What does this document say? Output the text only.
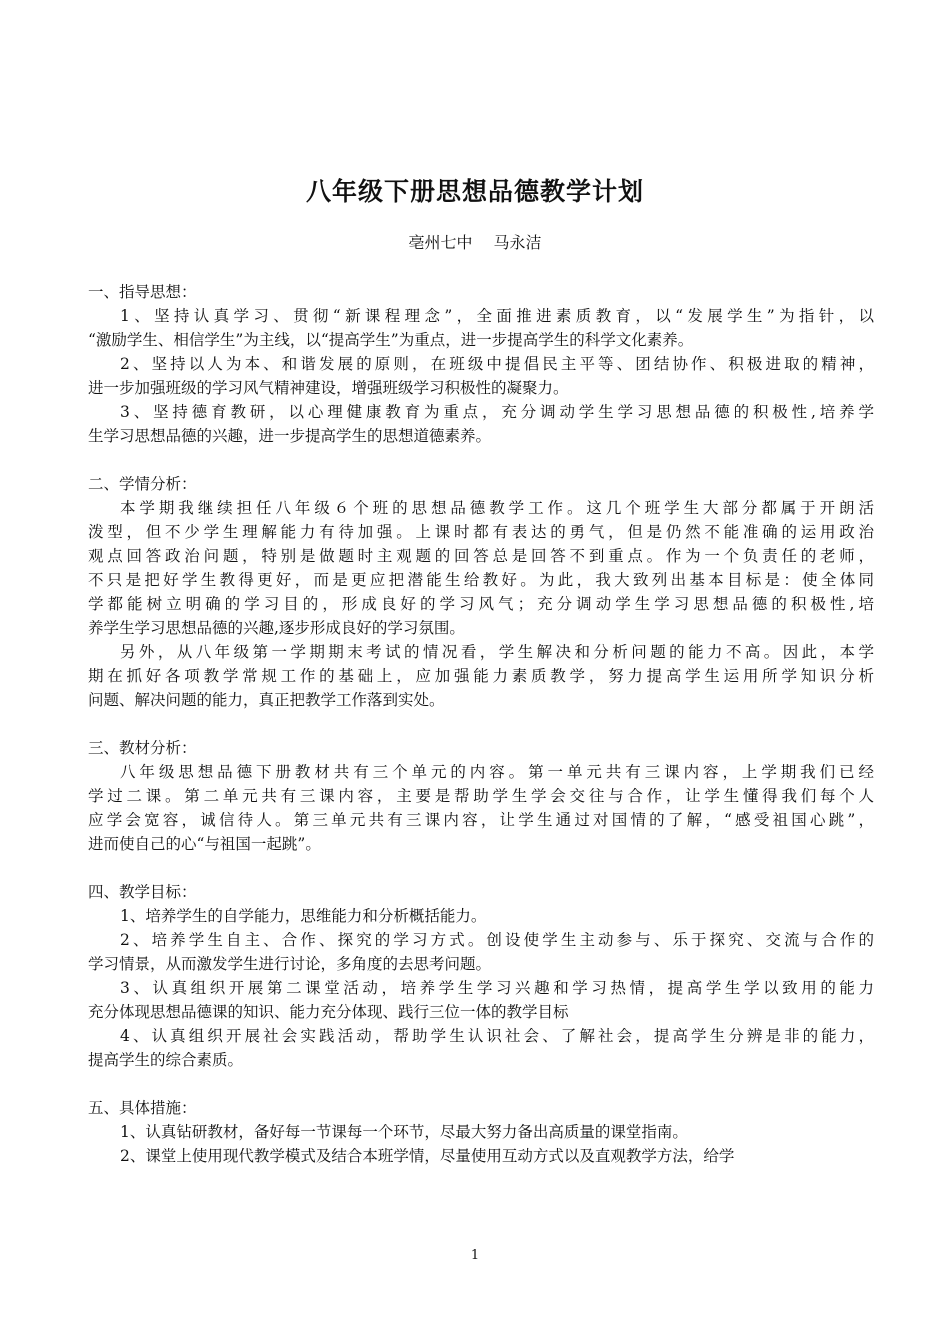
八年级下册思想品德教学计划
亳州七中　 马永洁
一、指导思想：
1、坚持认真学习、贯彻“新课程理念”，全面推进素质教育，以“发展学生”为指针，以
“激励学生、相信学生”为主线，以“提高学生”为重点，进一步提高学生的科学文化素养。
2、坚持以人为本、和谐发展的原则，在班级中提倡民主平等、团结协作、积极进取的精神，
进一步加强班级的学习风气精神建设，增强班级学习积极性的凝聚力。
3、坚持德育教研，以心理健康教育为重点，充分调动学生学习思想品德的积极性,培养学
生学习思想品德的兴趣，进一步提高学生的思想道德素养。
二、学情分析：
本学期我继续担任八年级６个班的思想品德教学工作。这几个班学生大部分都属于开朗活
泼型，但不少学生理解能力有待加强。上课时都有表达的勇气，但是仍然不能准确的运用政治
观点回答政治问题，特别是做题时主观题的回答总是回答不到重点。作为一个负责任的老师，
不只是把好学生教得更好，而是更应把潜能生给教好。为此，我大致列出基本目标是：使全体同
学都能树立明确的学习目的，形成良好的学习风气；充分调动学生学习思想品德的积极性,培
养学生学习思想品德的兴趣,逐步形成良好的学习氛围。
另外，从八年级第一学期期末考试的情况看，学生解决和分析问题的能力不高。因此，本学
期在抓好各项教学常规工作的基础上，应加强能力素质教学，努力提高学生运用所学知识分析
问题、解决问题的能力，真正把教学工作落到实处。
三、教材分析：
八年级思想品德下册教材共有三个单元的内容。第一单元共有三课内容，上学期我们已经
学过二课。第二单元共有三课内容，主要是帮助学生学会交往与合作，让学生懂得我们每个人
应学会宽容，诚信待人。第三单元共有三课内容，让学生通过对国情的了解，“感受祖国心跳”，
进而使自己的心“与祖国一起跳”。
四、教学目标：
1、培养学生的自学能力，思维能力和分析概括能力。
2、培养学生自主、合作、探究的学习方式。创设使学生主动参与、乐于探究、交流与合作的
学习情景，从而激发学生进行讨论，多角度的去思考问题。
3、认真组织开展第二课堂活动，培养学生学习兴趣和学习热情，提高学生学以致用的能力
充分体现思想品德课的知识、能力充分体现、践行三位一体的教学目标
4、认真组织开展社会实践活动，帮助学生认识社会、了解社会，提高学生分辨是非的能力，
提高学生的综合素质。
五、具体措施：
1、认真钻研教材，备好每一节课每一个环节，尽最大努力备出高质量的课堂指南。
2、课堂上使用现代教学模式及结合本班学情，尽量使用互动方式以及直观教学方法，给学
1
